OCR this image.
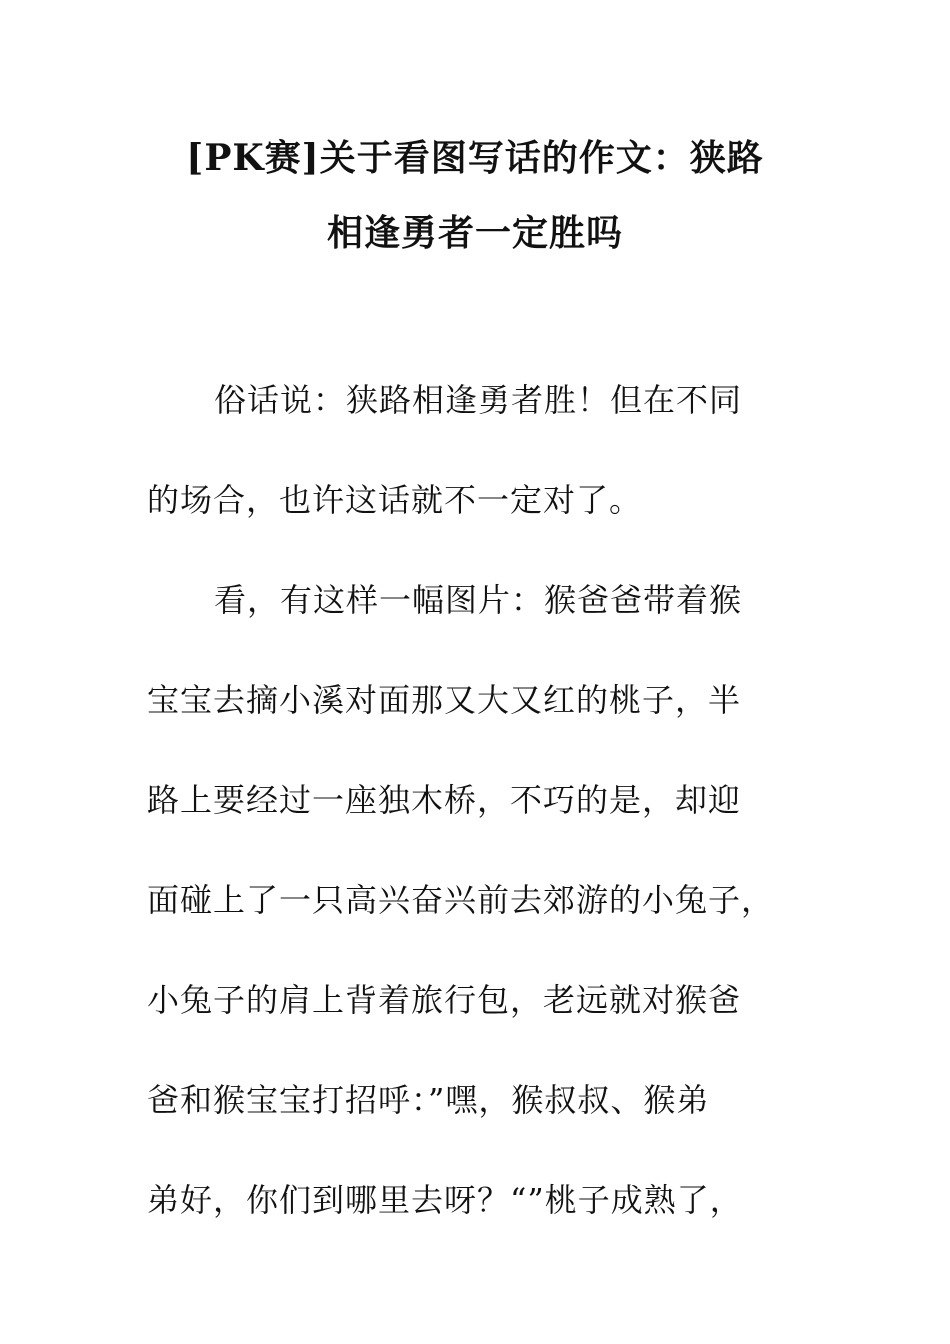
[PK赛]关于看图写话的作文：狭路
相逢勇者一定胜吗
俗话说：狭路相逢勇者胜！但在不同
的场合，也许这话就不一定对了。
看，有这样一幅图片：猴爸爸带着猴
宝宝去摘小溪对面那又大又红的桃子，半
路上要经过一座独木桥，不巧的是，却迎
面碰上了一只高兴奋兴前去郊游的小兔子，
小兔子的肩上背着旅行包，老远就对猴爸
爸和猴宝宝打招呼：”嘿，猴叔叔、猴弟
弟好，你们到哪里去呀？“”桃子成熟了，
